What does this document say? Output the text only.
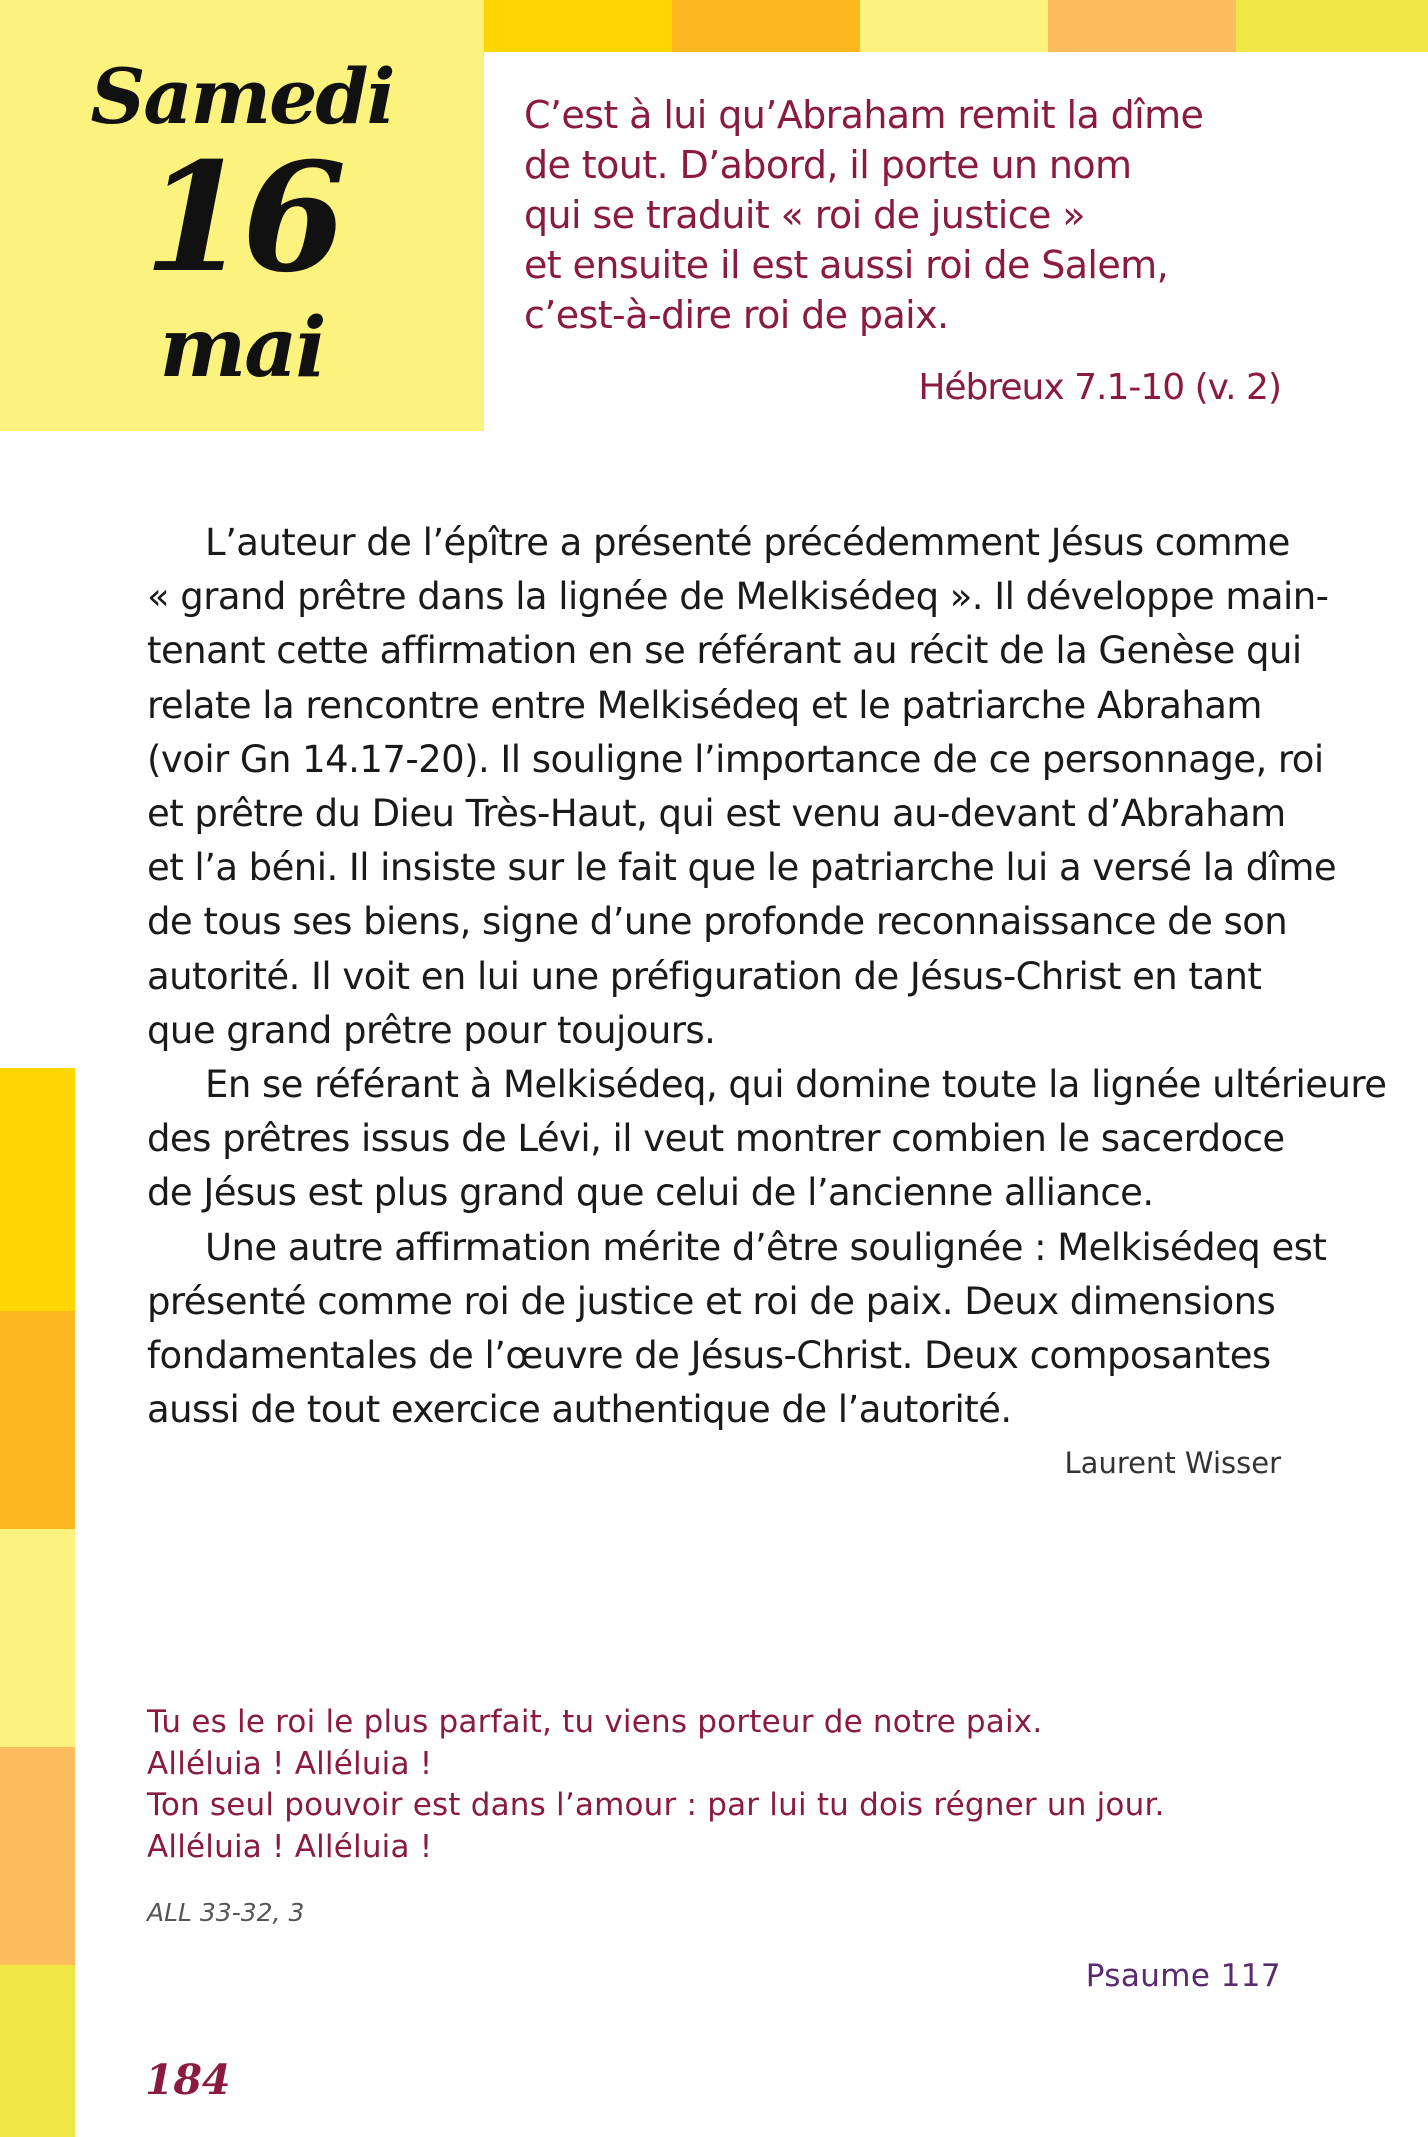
Samedi

16

mai

C’est à lui qu’Abraham remit la dîme
de tout. D’abord, il porte un nom
qui se traduit « roi de justice »
et ensuite il est aussi roi de Salem,
c’est-à-dire roi de paix.

Hébreux 7.1-10 (v. 2)

L’auteur de l’épître a présenté précédemment Jésus comme
« grand prêtre dans la lignée de Melkisédeq ». Il développe main-
tenant cette affirmation en se référant au récit de la Genèse qui
relate la rencontre entre Melkisédeq et le patriarche Abraham
(voir Gn 14.17-20). Il souligne l’importance de ce personnage, roi
et prêtre du Dieu Très-Haut, qui est venu au-devant d’Abraham
et l’a béni. Il insiste sur le fait que le patriarche lui a versé la dîme
de tous ses biens, signe d’une profonde reconnaissance de son
autorité. Il voit en lui une préfiguration de Jésus-Christ en tant
que grand prêtre pour toujours.
En se référant à Melkisédeq, qui domine toute la lignée ultérieure
des prêtres issus de Lévi, il veut montrer combien le sacerdoce
de Jésus est plus grand que celui de l’ancienne alliance.
Une autre affirmation mérite d’être soulignée : Melkisédeq est
présenté comme roi de justice et roi de paix. Deux dimensions
fondamentales de l’œuvre de Jésus-Christ. Deux composantes
aussi de tout exercice authentique de l’autorité.

Laurent Wisser

Tu es le roi le plus parfait, tu viens porteur de notre paix.
Alléluia ! Alléluia !
Ton seul pouvoir est dans l’amour : par lui tu dois régner un jour.
Alléluia ! Alléluia !

ALL 33-32, 3

Psaume 117

184
